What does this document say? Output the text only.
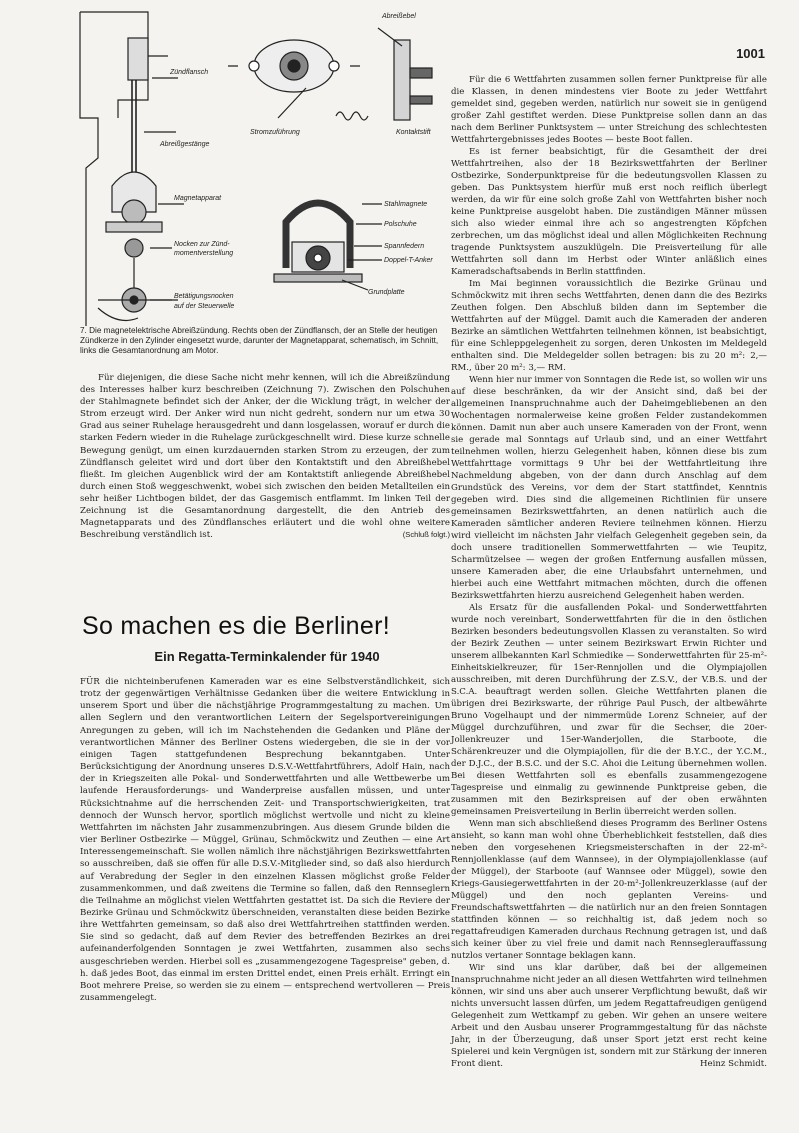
1001
Abreißebel
Zündflansch
Abreißgestänge
Stromzuführung	Kontaktstift
Magnetapparat
Stahlmagnete
Polschuhe
Spannfedern
Doppel-T-Anker
Grundplatte
Nocken zur Zünd-
momentverstellung
Betätigungsnocken
auf der Steuerwelle
7. Die magnetelektrische Abreißzündung. Rechts oben der Zündflansch, der an Stelle der heutigen Zündkerze in den Zylinder eingesetzt wurde, darunter der Magnetapparat, schematisch, im Schnitt, links die Gesamtanordnung am Motor.

Für diejenigen, die diese Sache nicht mehr kennen, will ich die Abreißzündung des Interesses halber kurz beschreiben (Zeichnung 7). Zwischen den Polschuhen der Stahlmagnete befindet sich der Anker, der die Wicklung trägt, in welcher der Strom erzeugt wird. Der Anker wird nun nicht gedreht, sondern nur um etwa 30 Grad aus seiner Ruhelage herausgedreht und dann losgelassen, worauf er durch die starken Federn wieder in die Ruhelage zurückgeschnellt wird. Diese kurze schnelle Bewegung genügt, um einen kurzdauernden starken Strom zu erzeugen, der zum Zündflansch geleitet wird und dort über den Kontaktstift und den Abreißhebel fließt. Im gleichen Augenblick wird der am Kontaktstift anliegende Abreißhebel durch einen Stoß weggeschwenkt, wobei sich zwischen den beiden Metallteilen ein sehr heißer Lichtbogen bildet, der das Gasgemisch entflammt. Im linken Teil der Zeichnung ist die Gesamtanordnung dargestellt, die den Antrieb des Magnetapparats und des Zündflansches erläutert und die wohl ohne weitere Beschreibung verständlich ist.	(Schluß folgt.)

So machen es die Berliner!
Ein Regatta-Terminkalender für 1940

FÜR die nichteinberufenen Kameraden war es eine Selbstverständlichkeit, sich trotz der gegenwärtigen Verhältnisse Gedanken über die weitere Entwicklung in unserem Sport und über die nächstjährige Programmgestaltung zu machen. Um allen Seglern und den verantwortlichen Leitern der Segelsportvereinigungen Anregungen zu geben, will ich im Nachstehenden die Gedanken und Pläne der verantwortlichen Männer des Berliner Ostens wiedergeben, die sie in der vor einigen Tagen stattgefundenen Besprechung bekanntgaben. Unter Berücksichtigung der Anordnung unseres D.S.V.-Wettfahrtführers, Adolf Hain, nach der in Kriegszeiten alle Pokal- und Sonderwettfahrten und alle Wettbewerbe um laufende Herausforderungs- und Wanderpreise ausfallen müssen, und unter Rücksichtnahme auf die herrschenden Zeit- und Transportschwierigkeiten, trat dennoch der Wunsch hervor, sportlich möglichst wertvolle und nicht zu kleine Wettfahrten im nächsten Jahr zusammenzubringen. Aus diesem Grunde bilden die vier Berliner Ostbezirke — Müggel, Grünau, Schmöckwitz und Zeuthen — eine Art Interessengemeinschaft. Sie wollen nämlich ihre nächstjährigen Bezirkswettfahrten so ausschreiben, daß sie offen für alle D.S.V.-Mitglieder sind, so daß also hierdurch auf Verabredung der Segler in den einzelnen Klassen möglichst große Felder zusammenkommen, und daß zweitens die Termine so fallen, daß den Rennseglern die Teilnahme an möglichst vielen Wettfahrten gestattet ist. Da sich die Reviere der Bezirke Grünau und Schmöckwitz überschneiden, veranstalten diese beiden Bezirke ihre Wettfahrten gemeinsam, so daß also drei Wettfahrtreihen stattfinden werden. Sie sind so gedacht, daß auf dem Revier des betreffenden Bezirkes an drei aufeinanderfolgenden Sonntagen je zwei Wettfahrten, zusammen also sechs ausgeschrieben werden. Hierbei soll es „zusammengezogene Tagespreise" geben, d. h. daß jedes Boot, das einmal im ersten Drittel endet, einen Preis erhält. Erringt ein Boot mehrere Preise, so werden sie zu einem — entsprechend wertvolleren — Preis zusammengelegt.

Für die 6 Wettfahrten zusammen sollen ferner Punktpreise für alle die Klassen, in denen mindestens vier Boote zu jeder Wettfahrt gemeldet sind, gegeben werden, natürlich nur soweit sie in genügend großer Zahl gestiftet werden. Diese Punktpreise sollen dann an das nach dem Berliner Punktsystem — unter Streichung des schlechtesten Wettfahrtergebnisses jedes Bootes — beste Boot fallen.

Es ist ferner beabsichtigt, für die Gesamtheit der drei Wettfahrtreihen, also der 18 Bezirkswettfahrten der Berliner Ostbezirke, Sonderpunktpreise für die bedeutungsvollen Klassen zu geben. Das Punktsystem hierfür muß erst noch reiflich überlegt werden, da wir für eine solch große Zahl von Wettfahrten bisher noch keine Punktpreise ausgelobt haben. Die zuständigen Männer müssen sich also wieder einmal ihre ach so angestrengten Köpfchen zerbrechen, um das möglichst ideal und allen Möglichkeiten Rechnung tragende Punktsystem auszuklügeln. Die Preisverteilung für alle Wettfahrten soll dann im Herbst oder Winter anläßlich eines Kameradschaftsabends in Berlin stattfinden.

Im Mai beginnen voraussichtlich die Bezirke Grünau und Schmöckwitz mit ihren sechs Wettfahrten, denen dann die des Bezirks Zeuthen folgen. Den Abschluß bilden dann im September die Wettfahrten auf der Müggel. Damit auch die Kameraden der anderen Bezirke an sämtlichen Wettfahrten teilnehmen können, ist beabsichtigt, für eine Schleppgelegenheit zu sorgen, deren Unkosten im Meldegeld enthalten sind. Die Meldegelder sollen betragen: bis zu 20 m²: 2,— RM., über 20 m²: 3,— RM.

Wenn hier nur immer von Sonntagen die Rede ist, so wollen wir uns auf diese beschränken, da wir der Ansicht sind, daß bei der allgemeinen Inanspruchnahme auch der Daheimgebliebenen an den Wochentagen normalerweise keine großen Felder zustandekommen können. Damit nun aber auch unsere Kameraden von der Front, wenn sie gerade mal Sonntags auf Urlaub sind, und an einer Wettfahrt teilnehmen wollen, hierzu Gelegenheit haben, können diese bis zum Wettfahrttage vormittags 9 Uhr bei der Wettfahrtleitung ihre Nachmeldung abgeben, von der dann durch Anschlag auf dem Grundstück des Vereins, vor dem der Start stattfindet, Kenntnis gegeben wird. Dies sind die allgemeinen Richtlinien für unsere gemeinsamen Bezirkswettfahrten, an denen natürlich auch die Kameraden sämtlicher anderen Reviere teilnehmen können. Hierzu wird vielleicht im nächsten Jahr vielfach Gelegenheit gegeben sein, da doch unsere traditionellen Sommerwettfahrten — wie Teupitz, Scharmützelsee — wegen der großen Entfernung ausfallen müssen, unsere Kameraden aber, die eine Urlaubsfahrt unternehmen, und hierbei auch eine Wettfahrt mitmachen möchten, durch die offenen Bezirkswettfahrten hierzu ausreichend Gelegenheit haben werden.

Als Ersatz für die ausfallenden Pokal- und Sonderwettfahrten wurde noch vereinbart, Sonderwettfahrten für die in den östlichen Bezirken besonders bedeutungsvollen Klassen zu veranstalten. So wird der Bezirk Zeuthen — unter seinem Bezirkswart Erwin Richter und unserem allbekannten Karl Schmiedike — Sonderwettfahrten für 25-m²-Einheitskielkreuzer, für 15er-Rennjollen und die Olympiajollen ausschreiben, mit deren Durchführung der Z.S.V., der V.B.S. und der S.C.A. beauftragt werden sollen. Gleiche Wettfahrten planen die übrigen drei Bezirkswarte, der rührige Paul Pusch, der altbewährte Bruno Vogelhaupt und der nimmermüde Lorenz Schneier, auf der Müggel durchzuführen, und zwar für die Sechser, die 20er-Jollenkreuzer und 15er-Wanderjollen, die Starboote, die Schärenkreuzer und die Olympiajollen, für die der B.Y.C., der Y.C.M., der D.J.C., der B.S.C. und der S.C. Ahoi die Leitung übernehmen wollen. Bei diesen Wettfahrten soll es ebenfalls zusammengezogene Tagespreise und einmalig zu gewinnende Punktpreise geben, die zusammen mit den Bezirkspreisen auf der oben erwähnten gemeinsamen Preisverteilung in Berlin überreicht werden sollen.

Wenn man sich abschließend dieses Programm des Berliner Ostens ansieht, so kann man wohl ohne Überheblichkeit feststellen, daß dies neben den vorgesehenen Kriegsmeisterschaften in der 22-m²-Rennjollenklasse (auf dem Wannsee), in der Olympiajollenklasse (auf der Müggel), der Starboote (auf Wannsee oder Müggel), sowie den Kriegs-Gausiegerwettfahrten in der 20-m²-Jollenkreuzerklasse (auf der Müggel) und den noch geplanten Vereins- und Freundschaftswettfahrten — die natürlich nur an den freien Sonntagen stattfinden können — so reichhaltig ist, daß jedem noch so regattafreudigen Kameraden durchaus Rechnung getragen ist, und daß sich keiner über zu viel freie und damit nach Rennseglerauffassung nutzlos vertaner Sonntage beklagen kann.

Wir sind uns klar darüber, daß bei der allgemeinen Inanspruchnahme nicht jeder an all diesen Wettfahrten wird teilnehmen können, wir sind uns aber auch unserer Verpflichtung bewußt, daß wir nichts unversucht lassen dürfen, um jedem Regattafreudigen genügend Gelegenheit zum Wettkampf zu geben. Wir gehen an unsere weitere Arbeit und den Ausbau unserer Programmgestaltung für das nächste Jahr, in der Überzeugung, daß unser Sport jetzt erst recht keine Spielerei und kein Vergnügen ist, sondern mit zur Stärkung der inneren Front dient.	Heinz Schmidt.
